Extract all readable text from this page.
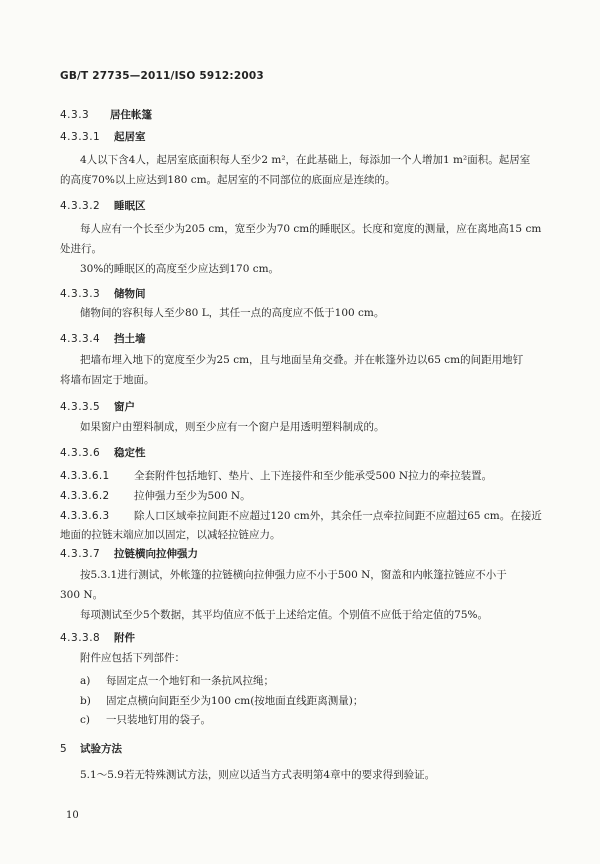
GB/T 27735—2011/ISO 5912:2003
4.3.3 居住帐篷
4.3.3.1 起居室
4人以下含4人，起居室底面积每人至少2 m²，在此基础上，每添加一个人增加1 m²面积。起居室
的高度70%以上应达到180 cm。起居室的不同部位的底面应是连续的。
4.3.3.2 睡眠区
每人应有一个长至少为205 cm，宽至少为70 cm的睡眠区。长度和宽度的测量，应在离地高15 cm
处进行。
30%的睡眠区的高度至少应达到170 cm。
4.3.3.3 储物间
储物间的容积每人至少80 L，其任一点的高度应不低于100 cm。
4.3.3.4 挡土墙
把墙布埋入地下的宽度至少为25 cm，且与地面呈角交叠。并在帐篷外边以65 cm的间距用地钉
将墙布固定于地面。
4.3.3.5 窗户
如果窗户由塑料制成，则至少应有一个窗户是用透明塑料制成的。
4.3.3.6 稳定性
4.3.3.6.1 全套附件包括地钉、垫片、上下连接件和至少能承受500 N拉力的牵拉装置。
4.3.3.6.2 拉伸强力至少为500 N。
4.3.3.6.3 除人口区域牵拉间距不应超过120 cm外，其余任一点牵拉间距不应超过65 cm。在接近
地面的拉链末端应加以固定，以减轻拉链应力。
4.3.3.7 拉链横向拉伸强力
按5.3.1进行测试，外帐篷的拉链横向拉伸强力应不小于500 N，窗盖和内帐篷拉链应不小于
300 N。
每项测试至少5个数据，其平均值应不低于上述给定值。个别值不应低于给定值的75%。
4.3.3.8 附件
附件应包括下列部件：
a) 每固定点一个地钉和一条抗风拉绳；
b) 固定点横向间距至少为100 cm(按地面直线距离测量)；
c) 一只装地钉用的袋子。
5 试验方法
5.1～5.9若无特殊测试方法，则应以适当方式表明第4章中的要求得到验证。
10
